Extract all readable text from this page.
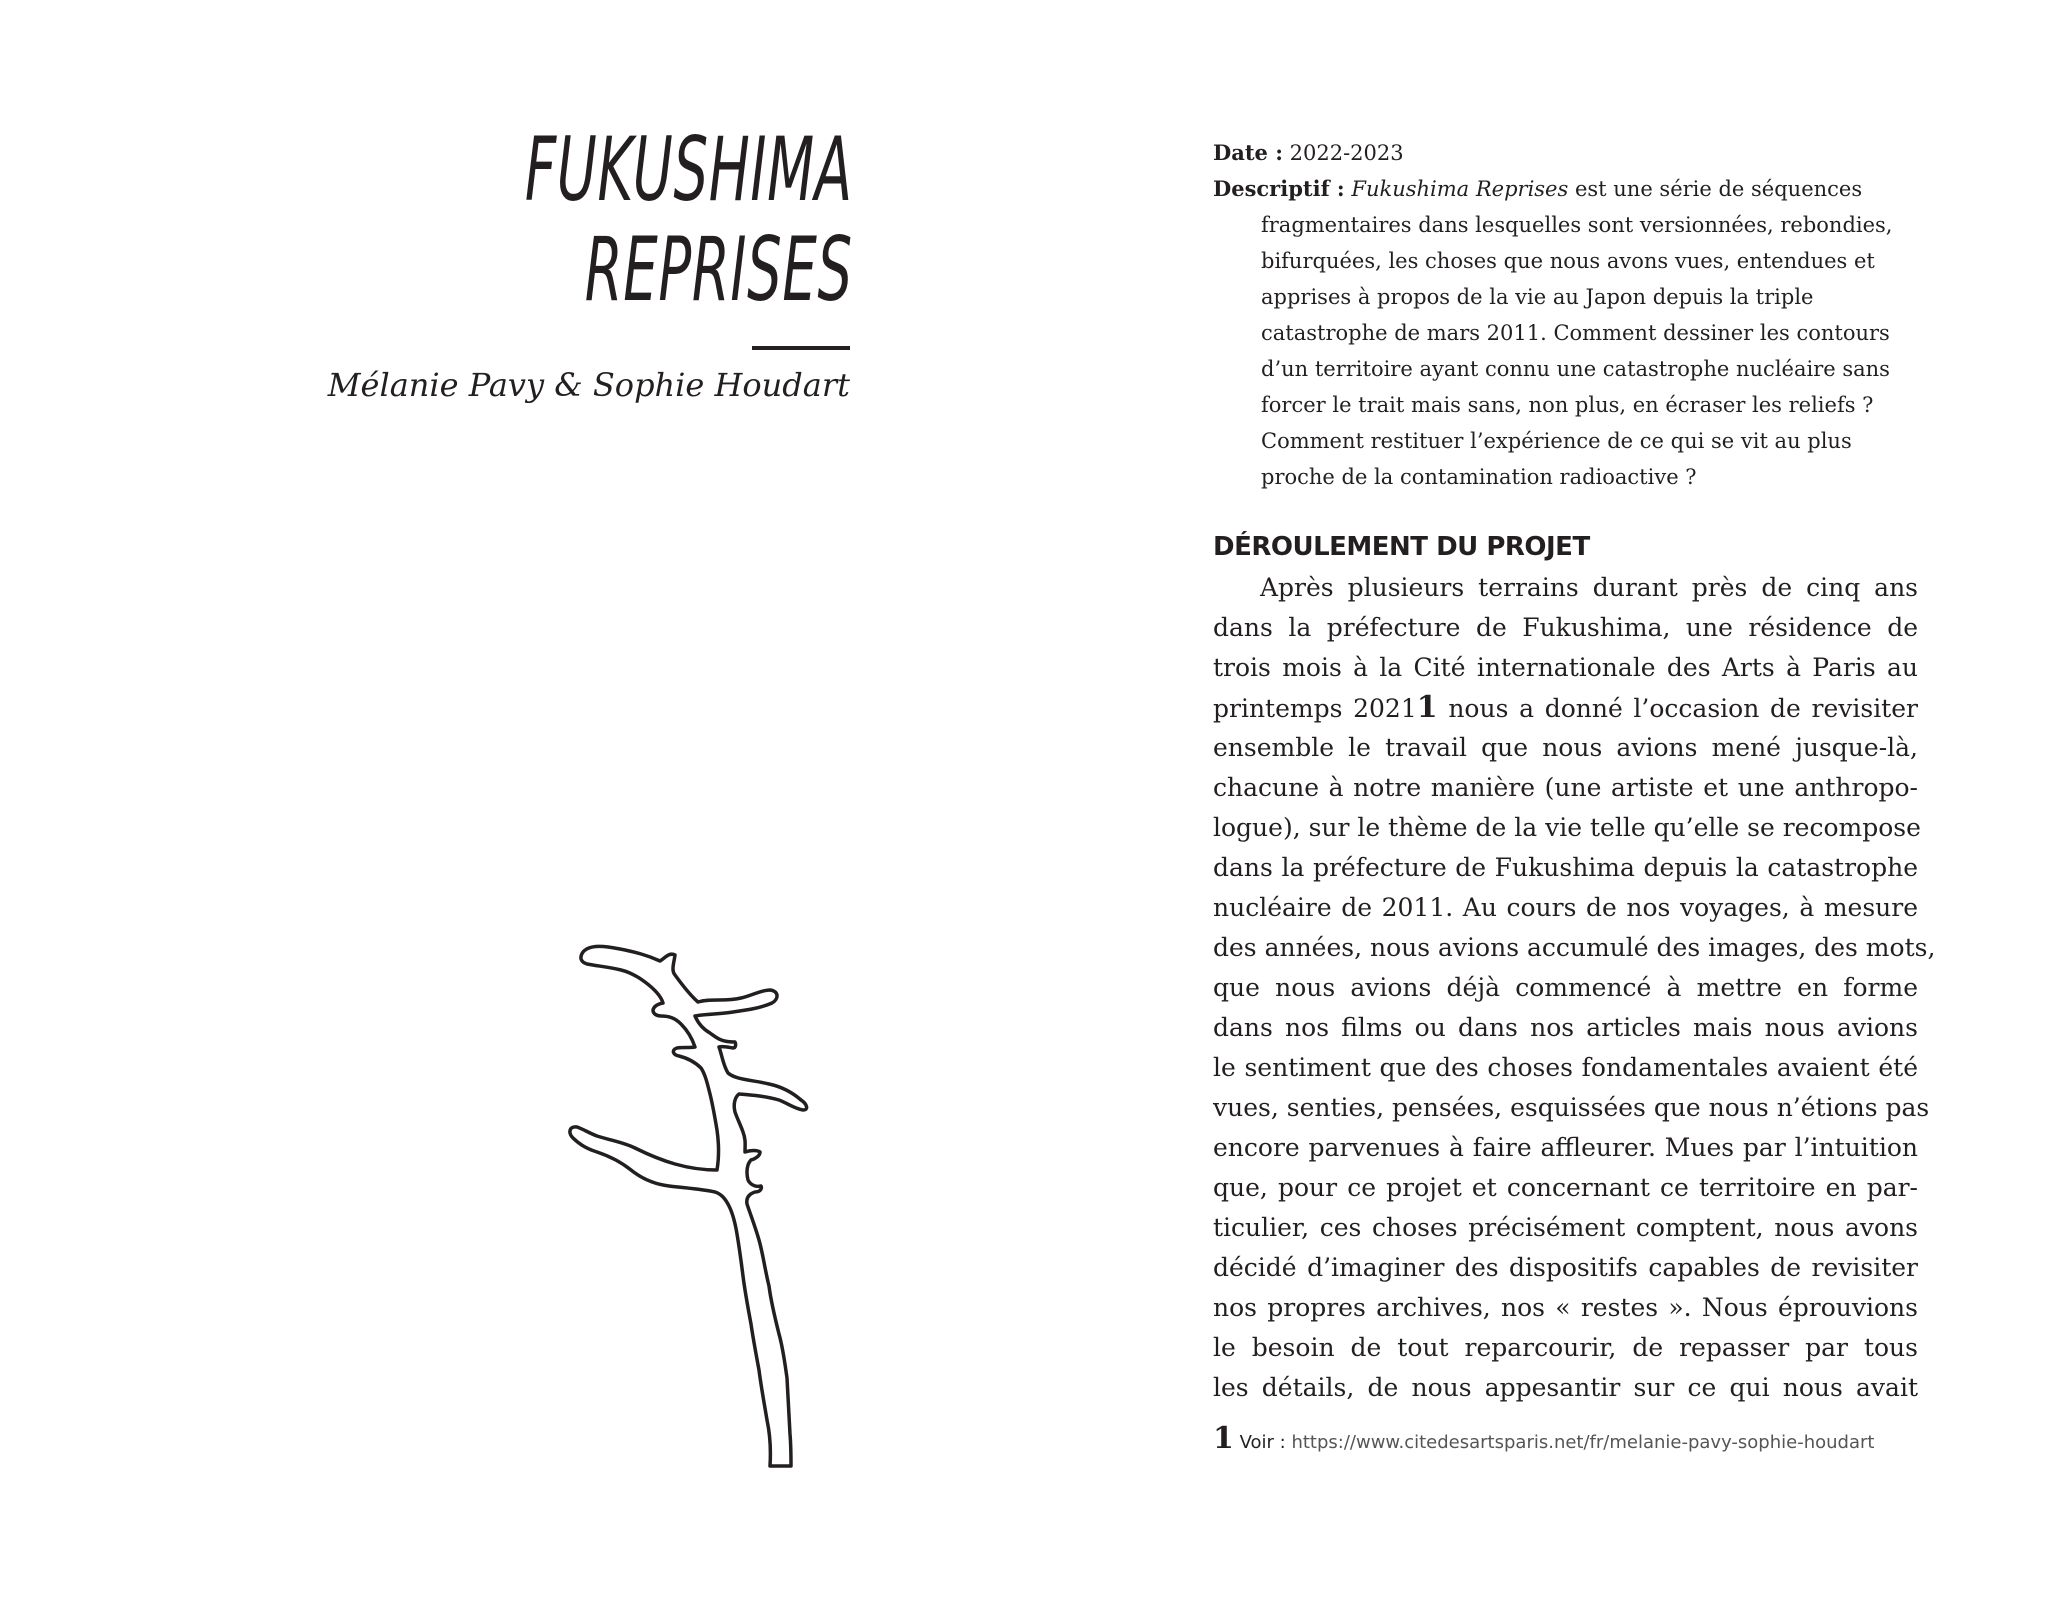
FUKUSHIMA
REPRISES
Mélanie Pavy & Sophie Houdart
Date : 2022-2023
Descriptif : Fukushima Reprises est une série de séquences fragmentaires dans lesquelles sont versionnées, rebondies, bifurquées, les choses que nous avons vues, entendues et apprises à propos de la vie au Japon depuis la triple catastrophe de mars 2011. Comment dessiner les contours d’un territoire ayant connu une catastrophe nucléaire sans forcer le trait mais sans, non plus, en écraser les reliefs ? Comment restituer l’expérience de ce qui se vit au plus proche de la contamination radioactive ?
DÉROULEMENT DU PROJET
Après plusieurs terrains durant près de cinq ans
dans la préfecture de Fukushima, une résidence de
trois mois à la Cité internationale des Arts à Paris au
printemps 20211 nous a donné l’occasion de revisiter
ensemble le travail que nous avions mené jusque-là,
chacune à notre manière (une artiste et une anthropo-
logue), sur le thème de la vie telle qu’elle se recompose
dans la préfecture de Fukushima depuis la catastrophe
nucléaire de 2011. Au cours de nos voyages, à mesure
des années, nous avions accumulé des images, des mots,
que nous avions déjà commencé à mettre en forme
dans nos films ou dans nos articles mais nous avions
le sentiment que des choses fondamentales avaient été
vues, senties, pensées, esquissées que nous n’étions pas
encore parvenues à faire affleurer. Mues par l’intuition
que, pour ce projet et concernant ce territoire en par-
ticulier, ces choses précisément comptent, nous avons
décidé d’imaginer des dispositifs capables de revisiter
nos propres archives, nos « restes ». Nous éprouvions
le besoin de tout reparcourir, de repasser par tous
les détails, de nous appesantir sur ce qui nous avait
1 Voir : https://www.citedesartsparis.net/fr/melanie-pavy-sophie-houdart
